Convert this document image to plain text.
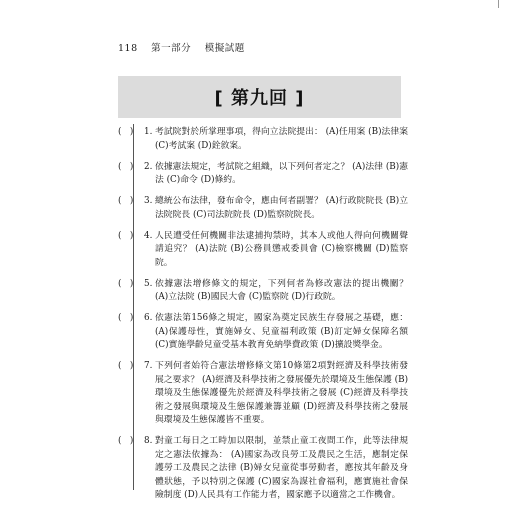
118 第一部分 模擬試題
[ 第九回 ]
(   ) 1. 考試院對於所掌理事項，得向立法院提出： (A)任用案 (B)法律案 (C)考試案 (D)銓敘案。
(   ) 2. 依據憲法規定，考試院之組織，以下列何者定之？ (A)法律 (B)憲法 (C)命令 (D)條約。
(   ) 3. 總統公布法律，發布命令，應由何者副署？ (A)行政院院長 (B)立法院院長 (C)司法院院長 (D)監察院院長。
(   ) 4. 人民遭受任何機關非法逮捕拘禁時，其本人或他人得向何機關聲請追究？ (A)法院 (B)公務員懲戒委員會 (C)檢察機關 (D)監察院。
(   ) 5. 依據憲法增修條文的規定，下列何者為修改憲法的提出機關？ (A)立法院 (B)國民大會 (C)監察院 (D)行政院。
(   ) 6. 依憲法第156條之規定，國家為奠定民族生存發展之基礎，應： (A)保護母性，實施婦女、兒童福利政策 (B)訂定婦女保障名額 (C)實施學齡兒童受基本教育免納學費政策 (D)擴設獎學金。
(   ) 7. 下列何者始符合憲法增修條文第10條第2項對經濟及科學技術發展之要求？ (A)經濟及科學技術之發展優先於環境及生態保護 (B)環境及生態保護優先於經濟及科學技術之發展 (C)經濟及科學技術之發展與環境及生態保護兼籌並顧 (D)經濟及科學技術之發展與環境及生態保護皆不重要。
(   ) 8. 對童工每日之工時加以限制，並禁止童工夜間工作，此等法律規定之憲法依據為： (A)國家為改良勞工及農民之生活，應制定保護勞工及農民之法律 (B)婦女兒童從事勞動者，應按其年齡及身體狀態，予以特別之保護 (C)國家為謀社會福利，應實施社會保險制度 (D)人民具有工作能力者，國家應予以適當之工作機會。
